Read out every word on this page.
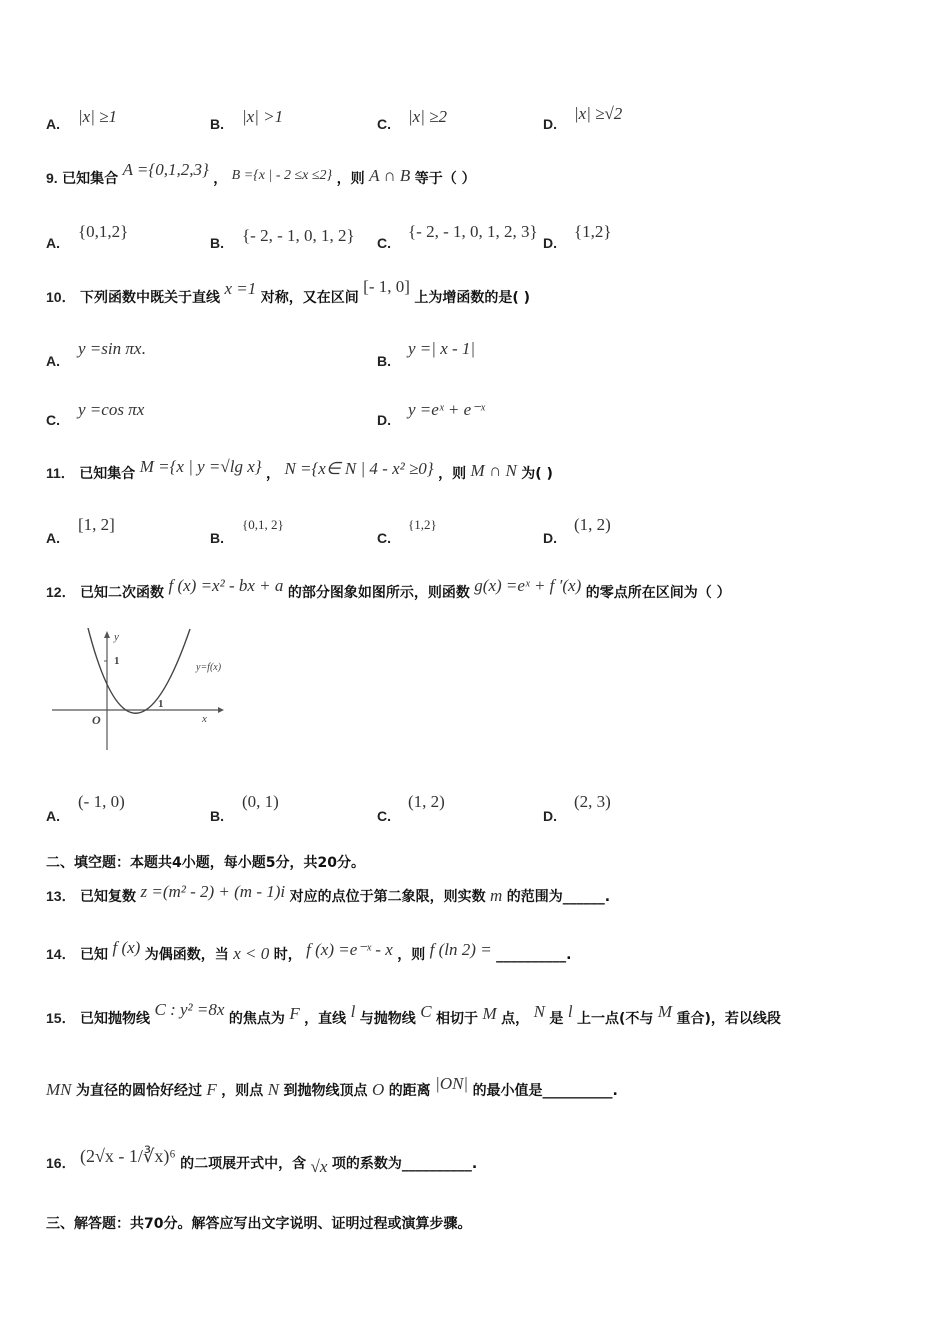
A. |x| ≥1	B. |x| >1	C. |x| ≥2	D.
|x| ≥√2
9. 已知集合 A ={0,1,2,3} ， B ={x | - 2 ≤x ≤2} ，则 A ∩ B 等于（ ）
A.
{0,1,2}
B. {- 2, - 1, 0, 1, 2} C.
{- 2, - 1, 0, 1, 2, 3}
D.
{1,2}
10． 下列函数中既关于直线 x =1 对称，又在区间 [- 1, 0] 上为增函数的是( )
A.
y =sin πx.
B.
y =| x - 1|
C.
y =cos πx
D.
y =eˣ + e⁻ˣ
11． 已知集合 M ={x | y =√lg x} ， N ={x∈ N | 4 - x² ≥0} ，则 M ∩ N 为( )
A.
[1, 2]
B.
{0,1, 2}
C.
{1,2}
D.
(1, 2)
12． 已知二次函数 f (x) =x² - bx + a 的部分图象如图所示，则函数 g(x) =eˣ + f ′(x) 的零点所在区间为（ ）
y
x
O
1
1
y=f(x)
A.
(- 1, 0)
B.
(0, 1)
C.
(1, 2)
D.
(2, 3)
二、填空题：本题共4小题，每小题5分，共20分。
13． 已知复数 z =(m² - 2) + (m - 1)i 对应的点位于第二象限，则实数 m 的范围为______.
14． 已知 f (x) 为偶函数，当 x < 0 时， f (x) =e⁻ˣ - x ，则 f (ln 2) = __________.
15． 已知抛物线 C : y² =8x 的焦点为 F ，直线 l 与抛物线 C 相切于 M 点， N 是 l 上一点(不与 M 重合)，若以线段
MN 为直径的圆恰好经过 F ，则点 N 到抛物线顶点 O 的距离 |ON| 的最小值是__________.
16． (2√x - 1/∛x)⁶ 的二项展开式中，含 √x 项的系数为__________.
三、解答题：共70分。解答应写出文字说明、证明过程或演算步骤。
